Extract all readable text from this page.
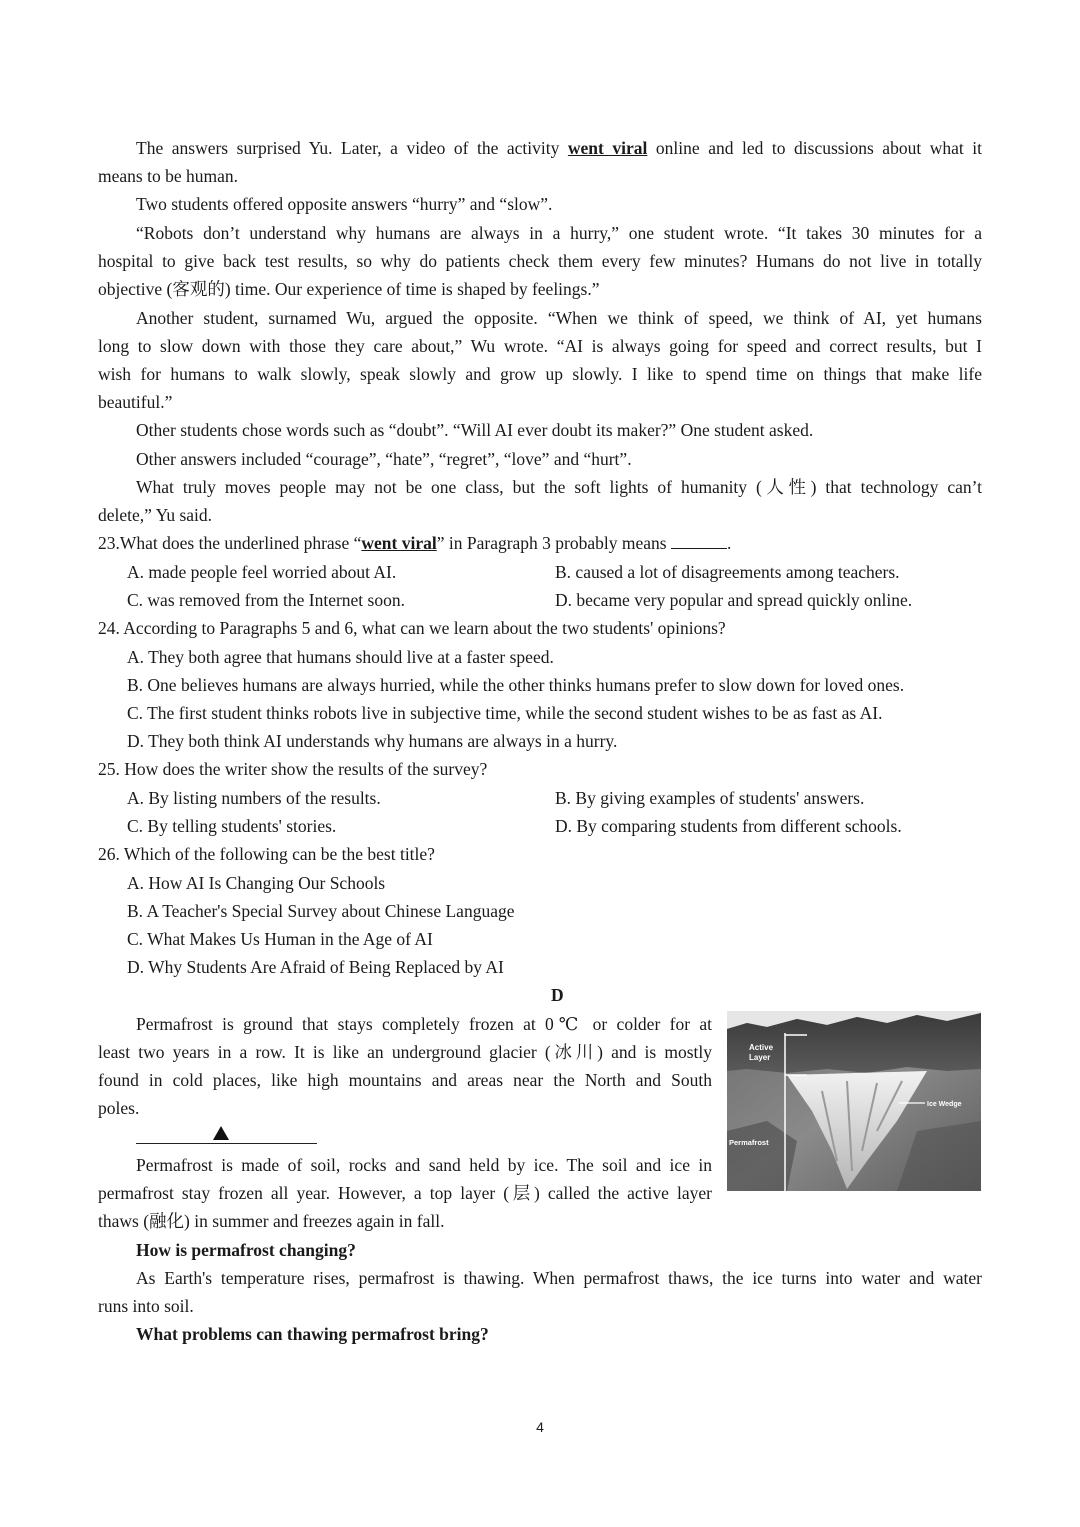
The answers surprised Yu. Later, a video of the activity went viral online and led to discussions about what it
means to be human.
Two students offered opposite answers “hurry” and “slow”.
“Robots don’t understand why humans are always in a hurry,” one student wrote. “It takes 30 minutes for a
hospital to give back test results, so why do patients check them every few minutes? Humans do not live in totally
objective (客观的) time. Our experience of time is shaped by feelings.”
Another student, surnamed Wu, argued the opposite. “When we think of speed, we think of AI, yet humans
long to slow down with those they care about,” Wu wrote. “AI is always going for speed and correct results, but I
wish for humans to walk slowly, speak slowly and grow up slowly. I like to spend time on things that make life
beautiful.”
Other students chose words such as “doubt”. “Will AI ever doubt its maker?” One student asked.
Other answers included “courage”, “hate”, “regret”, “love” and “hurt”.
What truly moves people may not be one class, but the soft lights of humanity (人性) that technology can’t
delete,” Yu said.
23.What does the underlined phrase “went viral” in Paragraph 3 probably means	.
A. made people feel worried about AI.	B. caused a lot of disagreements among teachers.
C. was removed from the Internet soon.	D. became very popular and spread quickly online.
24. According to Paragraphs 5 and 6, what can we learn about the two students' opinions?
A. They both agree that humans should live at a faster speed.
B. One believes humans are always hurried, while the other thinks humans prefer to slow down for loved ones.
C. The first student thinks robots live in subjective time, while the second student wishes to be as fast as AI.
D. They both think AI understands why humans are always in a hurry.
25. How does the writer show the results of the survey?
A. By listing numbers of the results.	B. By giving examples of students' answers.
C. By telling students' stories.	D. By comparing students from different schools.
26. Which of the following can be the best title?
A. How AI Is Changing Our Schools
B. A Teacher's Special Survey about Chinese Language
C. What Makes Us Human in the Age of AI
D. Why Students Are Afraid of Being Replaced by AI
D
Permafrost is ground that stays completely frozen at 0℃ or colder for at
least two years in a row. It is like an underground glacier (冰川) and is mostly
found in cold places, like high mountains and areas near the North and South
poles.
Permafrost is made of soil, rocks and sand held by ice. The soil and ice in
permafrost stay frozen all year. However, a top layer (层) called the active layer
thaws (融化) in summer and freezes again in fall.
How is permafrost changing?
As Earth's temperature rises, permafrost is thawing. When permafrost thaws, the ice turns into water and water
runs into soil.
What problems can thawing permafrost bring?
Active
Layer
Ice Wedge
Permafrost
4
